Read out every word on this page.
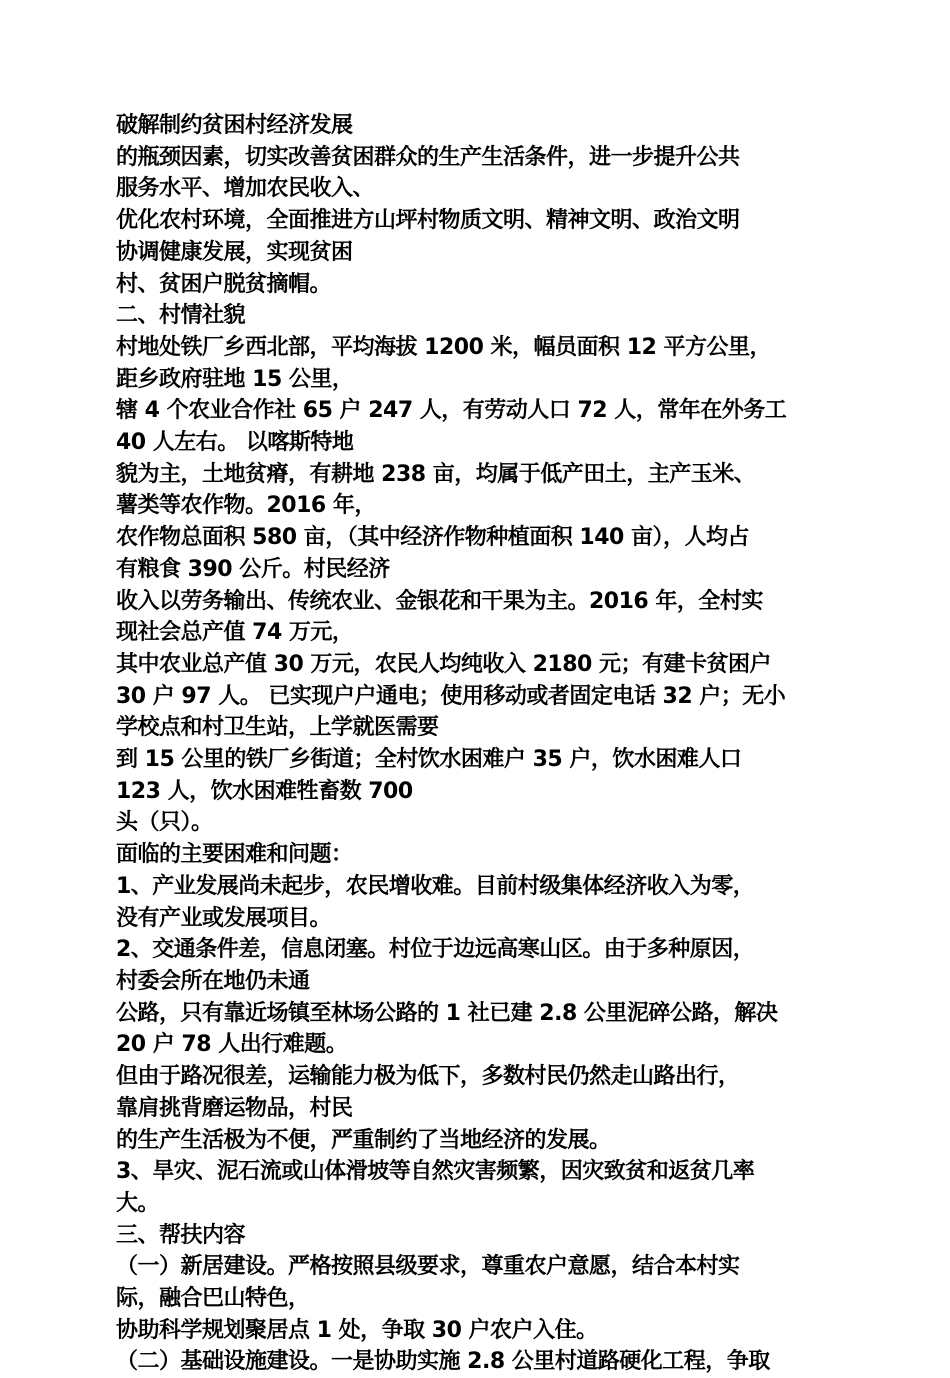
破解制约贫困村经济发展

的瓶颈因素，切实改善贫困群众的生产生活条件，进一步提升公共

服务水平、增加农民收入、

优化农村环境，全面推进方山坪村物质文明、精神文明、政治文明

协调健康发展，实现贫困

村、贫困户脱贫摘帽。

二、村情社貌

村地处铁厂乡西北部，平均海拔 1200 米，幅员面积 12 平方公里，

距乡政府驻地 15 公里，

辖 4 个农业合作社 65 户 247 人，有劳动人口 72 人，常年在外务工

40 人左右。 以喀斯特地

貌为主，土地贫瘠，有耕地 238 亩，均属于低产田土，主产玉米、

薯类等农作物。2016 年，

农作物总面积 580 亩，（其中经济作物种植面积 140 亩），人均占

有粮食 390 公斤。村民经济

收入以劳务输出、传统农业、金银花和干果为主。2016 年，全村实

现社会总产值 74 万元，

其中农业总产值 30 万元，农民人均纯收入 2180 元；有建卡贫困户

30 户 97 人。 已实现户户通电；使用移动或者固定电话 32 户；无小

学校点和村卫生站，上学就医需要

到 15 公里的铁厂乡街道；全村饮水困难户 35 户，饮水困难人口

123 人，饮水困难牲畜数 700

头（只）。

面临的主要困难和问题：

1、产业发展尚未起步，农民增收难。目前村级集体经济收入为零，

没有产业或发展项目。

2、交通条件差，信息闭塞。村位于边远高寒山区。由于多种原因，

村委会所在地仍未通

公路，只有靠近场镇至林场公路的 1 社已建 2.8 公里泥碎公路，解决

20 户 78 人出行难题。

但由于路况很差，运输能力极为低下，多数村民仍然走山路出行，

靠肩挑背磨运物品，村民

的生产生活极为不便，严重制约了当地经济的发展。

3、旱灾、泥石流或山体滑坡等自然灾害频繁，因灾致贫和返贫几率

大。

三、帮扶内容

（一）新居建设。严格按照县级要求，尊重农户意愿，结合本村实

际，融合巴山特色，

协助科学规划聚居点 1 处，争取 30 户农户入住。

（二）基础设施建设。一是协助实施 2.8 公里村道路硬化工程，争取
